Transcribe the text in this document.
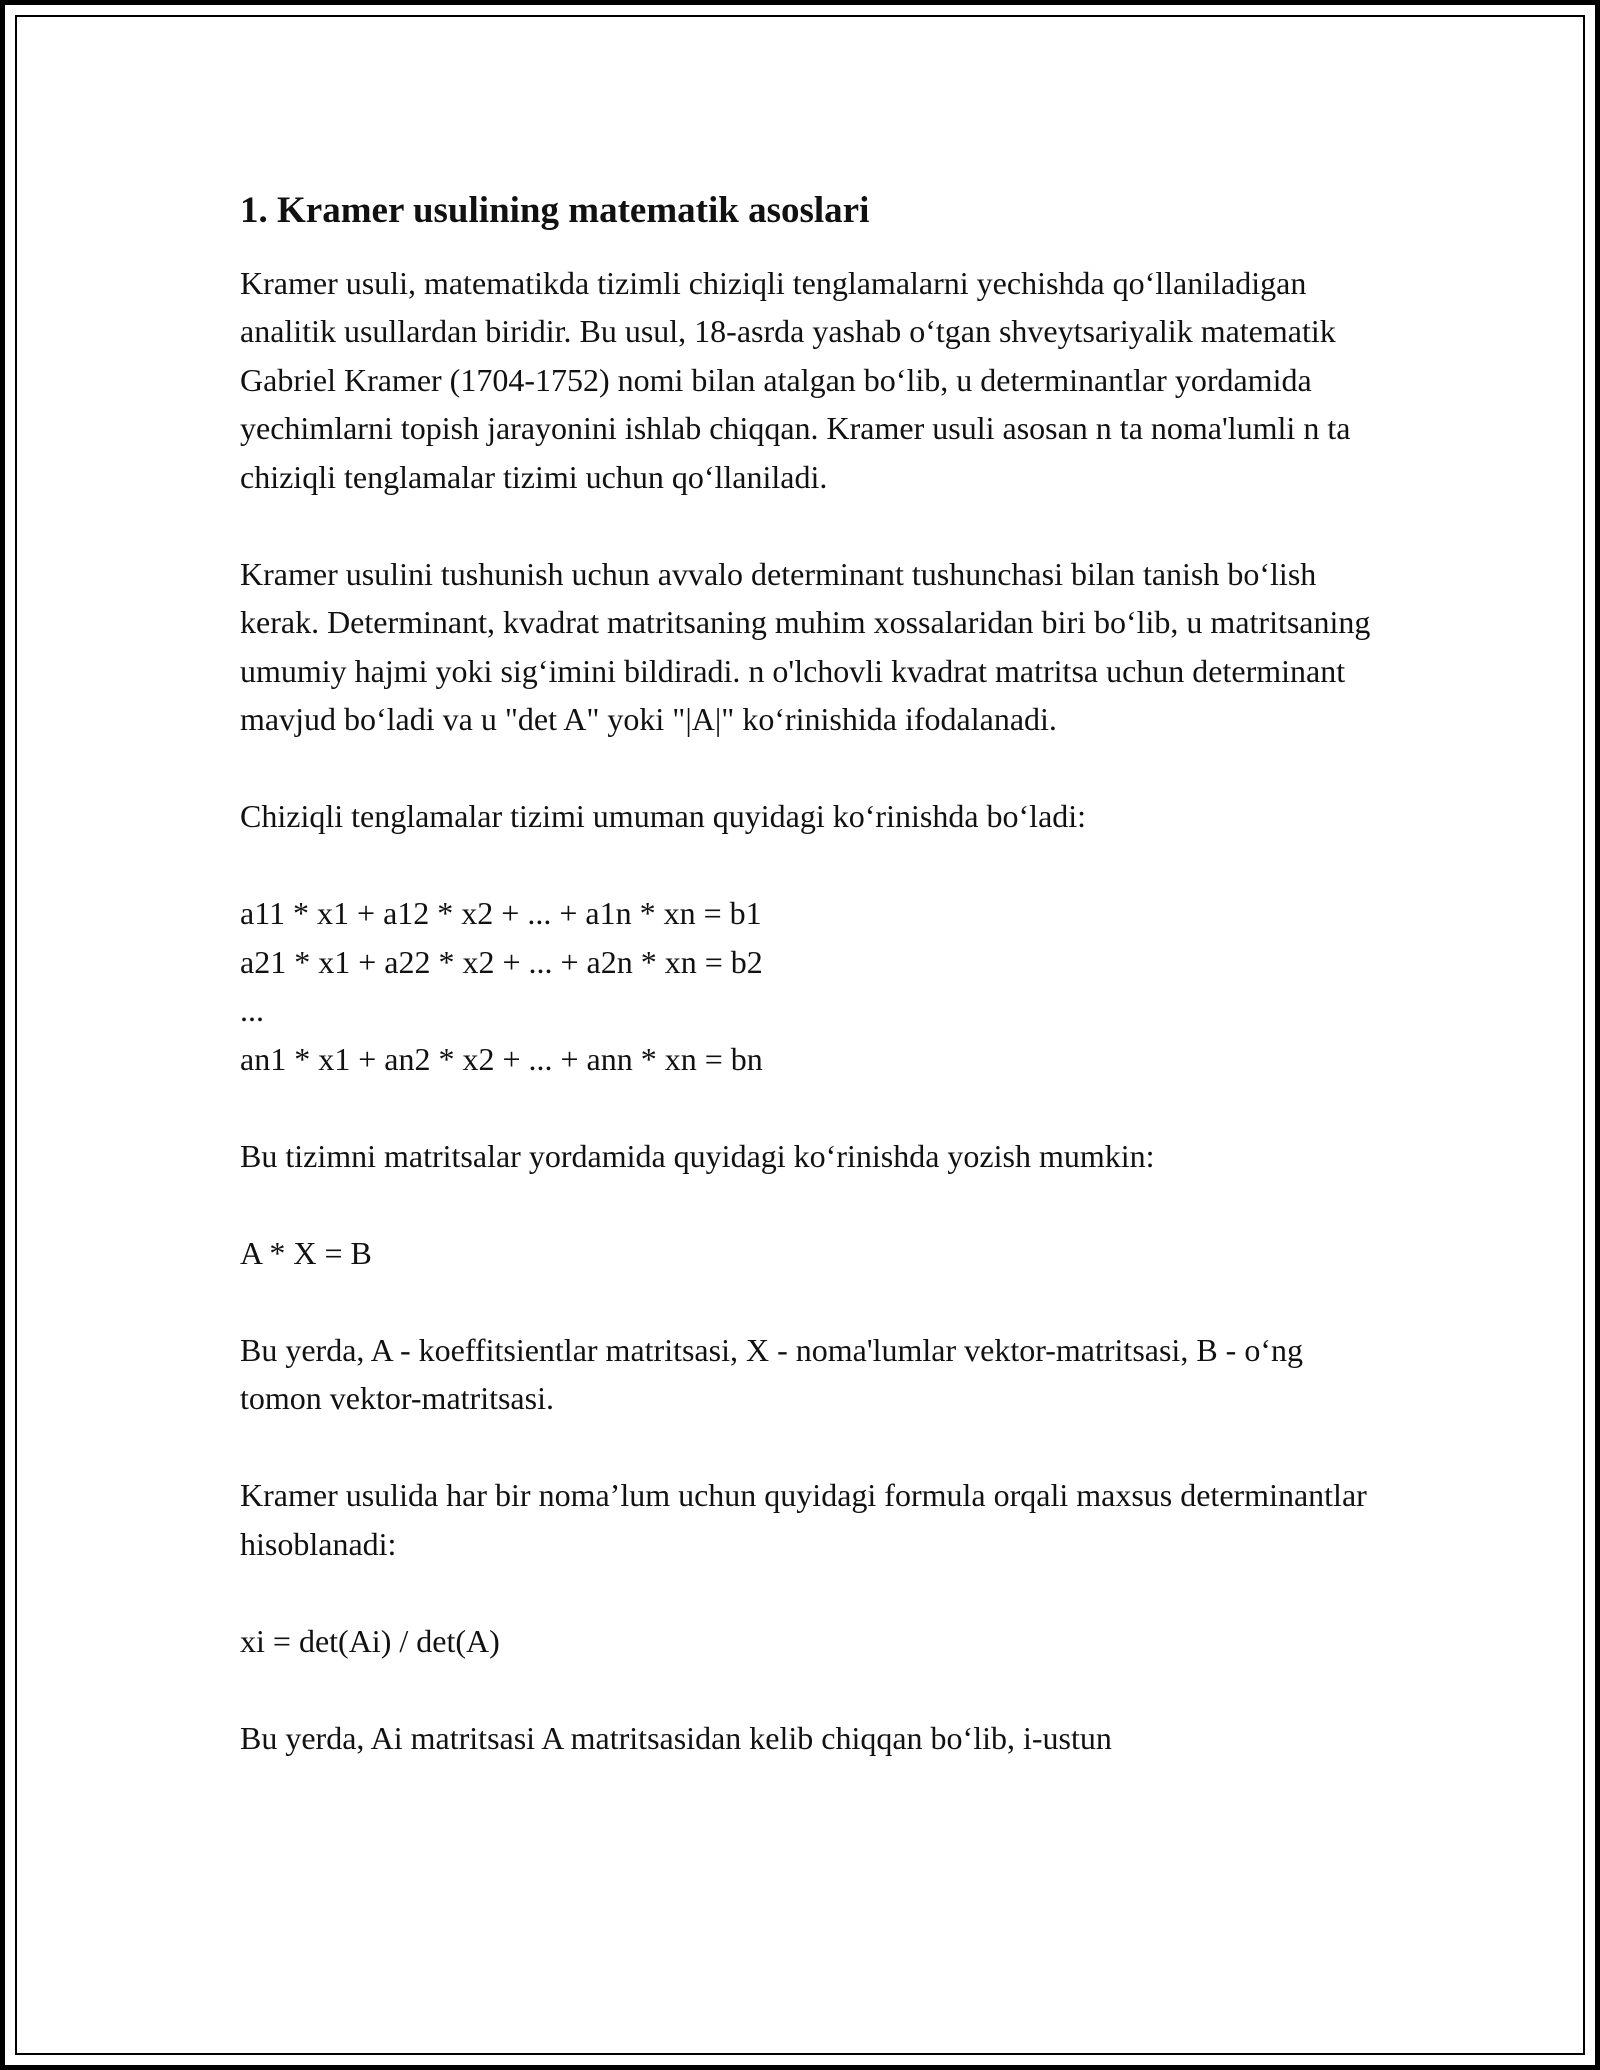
1. Kramer usulining matematik asoslari

Kramer usuli, matematikda tizimli chiziqli tenglamalarni yechishda qo‘llaniladigan analitik usullardan biridir. Bu usul, 18-asrda yashab o‘tgan shveytsariyalik matematik Gabriel Kramer (1704-1752) nomi bilan atalgan bo‘lib, u determinantlar yordamida yechimlarni topish jarayonini ishlab chiqqan. Kramer usuli asosan n ta noma'lumli n ta chiziqli tenglamalar tizimi uchun qo‘llaniladi.

Kramer usulini tushunish uchun avvalo determinant tushunchasi bilan tanish bo‘lish kerak. Determinant, kvadrat matritsaning muhim xossalaridan biri bo‘lib, u matritsaning umumiy hajmi yoki sig‘imini bildiradi. n o'lchovli kvadrat matritsa uchun determinant mavjud bo‘ladi va u "det A" yoki "|A|" ko‘rinishida ifodalanadi.

Chiziqli tenglamalar tizimi umuman quyidagi ko‘rinishda bo‘ladi:

a11 * x1 + a12 * x2 + ... + a1n * xn = b1
a21 * x1 + a22 * x2 + ... + a2n * xn = b2
...
an1 * x1 + an2 * x2 + ... + ann * xn = bn

Bu tizimni matritsalar yordamida quyidagi ko‘rinishda yozish mumkin:

A * X = B

Bu yerda, A - koeffitsientlar matritsasi, X - noma'lumlar vektor-matritsasi, B - o‘ng tomon vektor-matritsasi.

Kramer usulida har bir noma’lum uchun quyidagi formula orqali maxsus determinantlar hisoblanadi:

xi = det(Ai) / det(A)

Bu yerda, Ai matritsasi A matritsasidan kelib chiqqan bo‘lib, i-ustun
